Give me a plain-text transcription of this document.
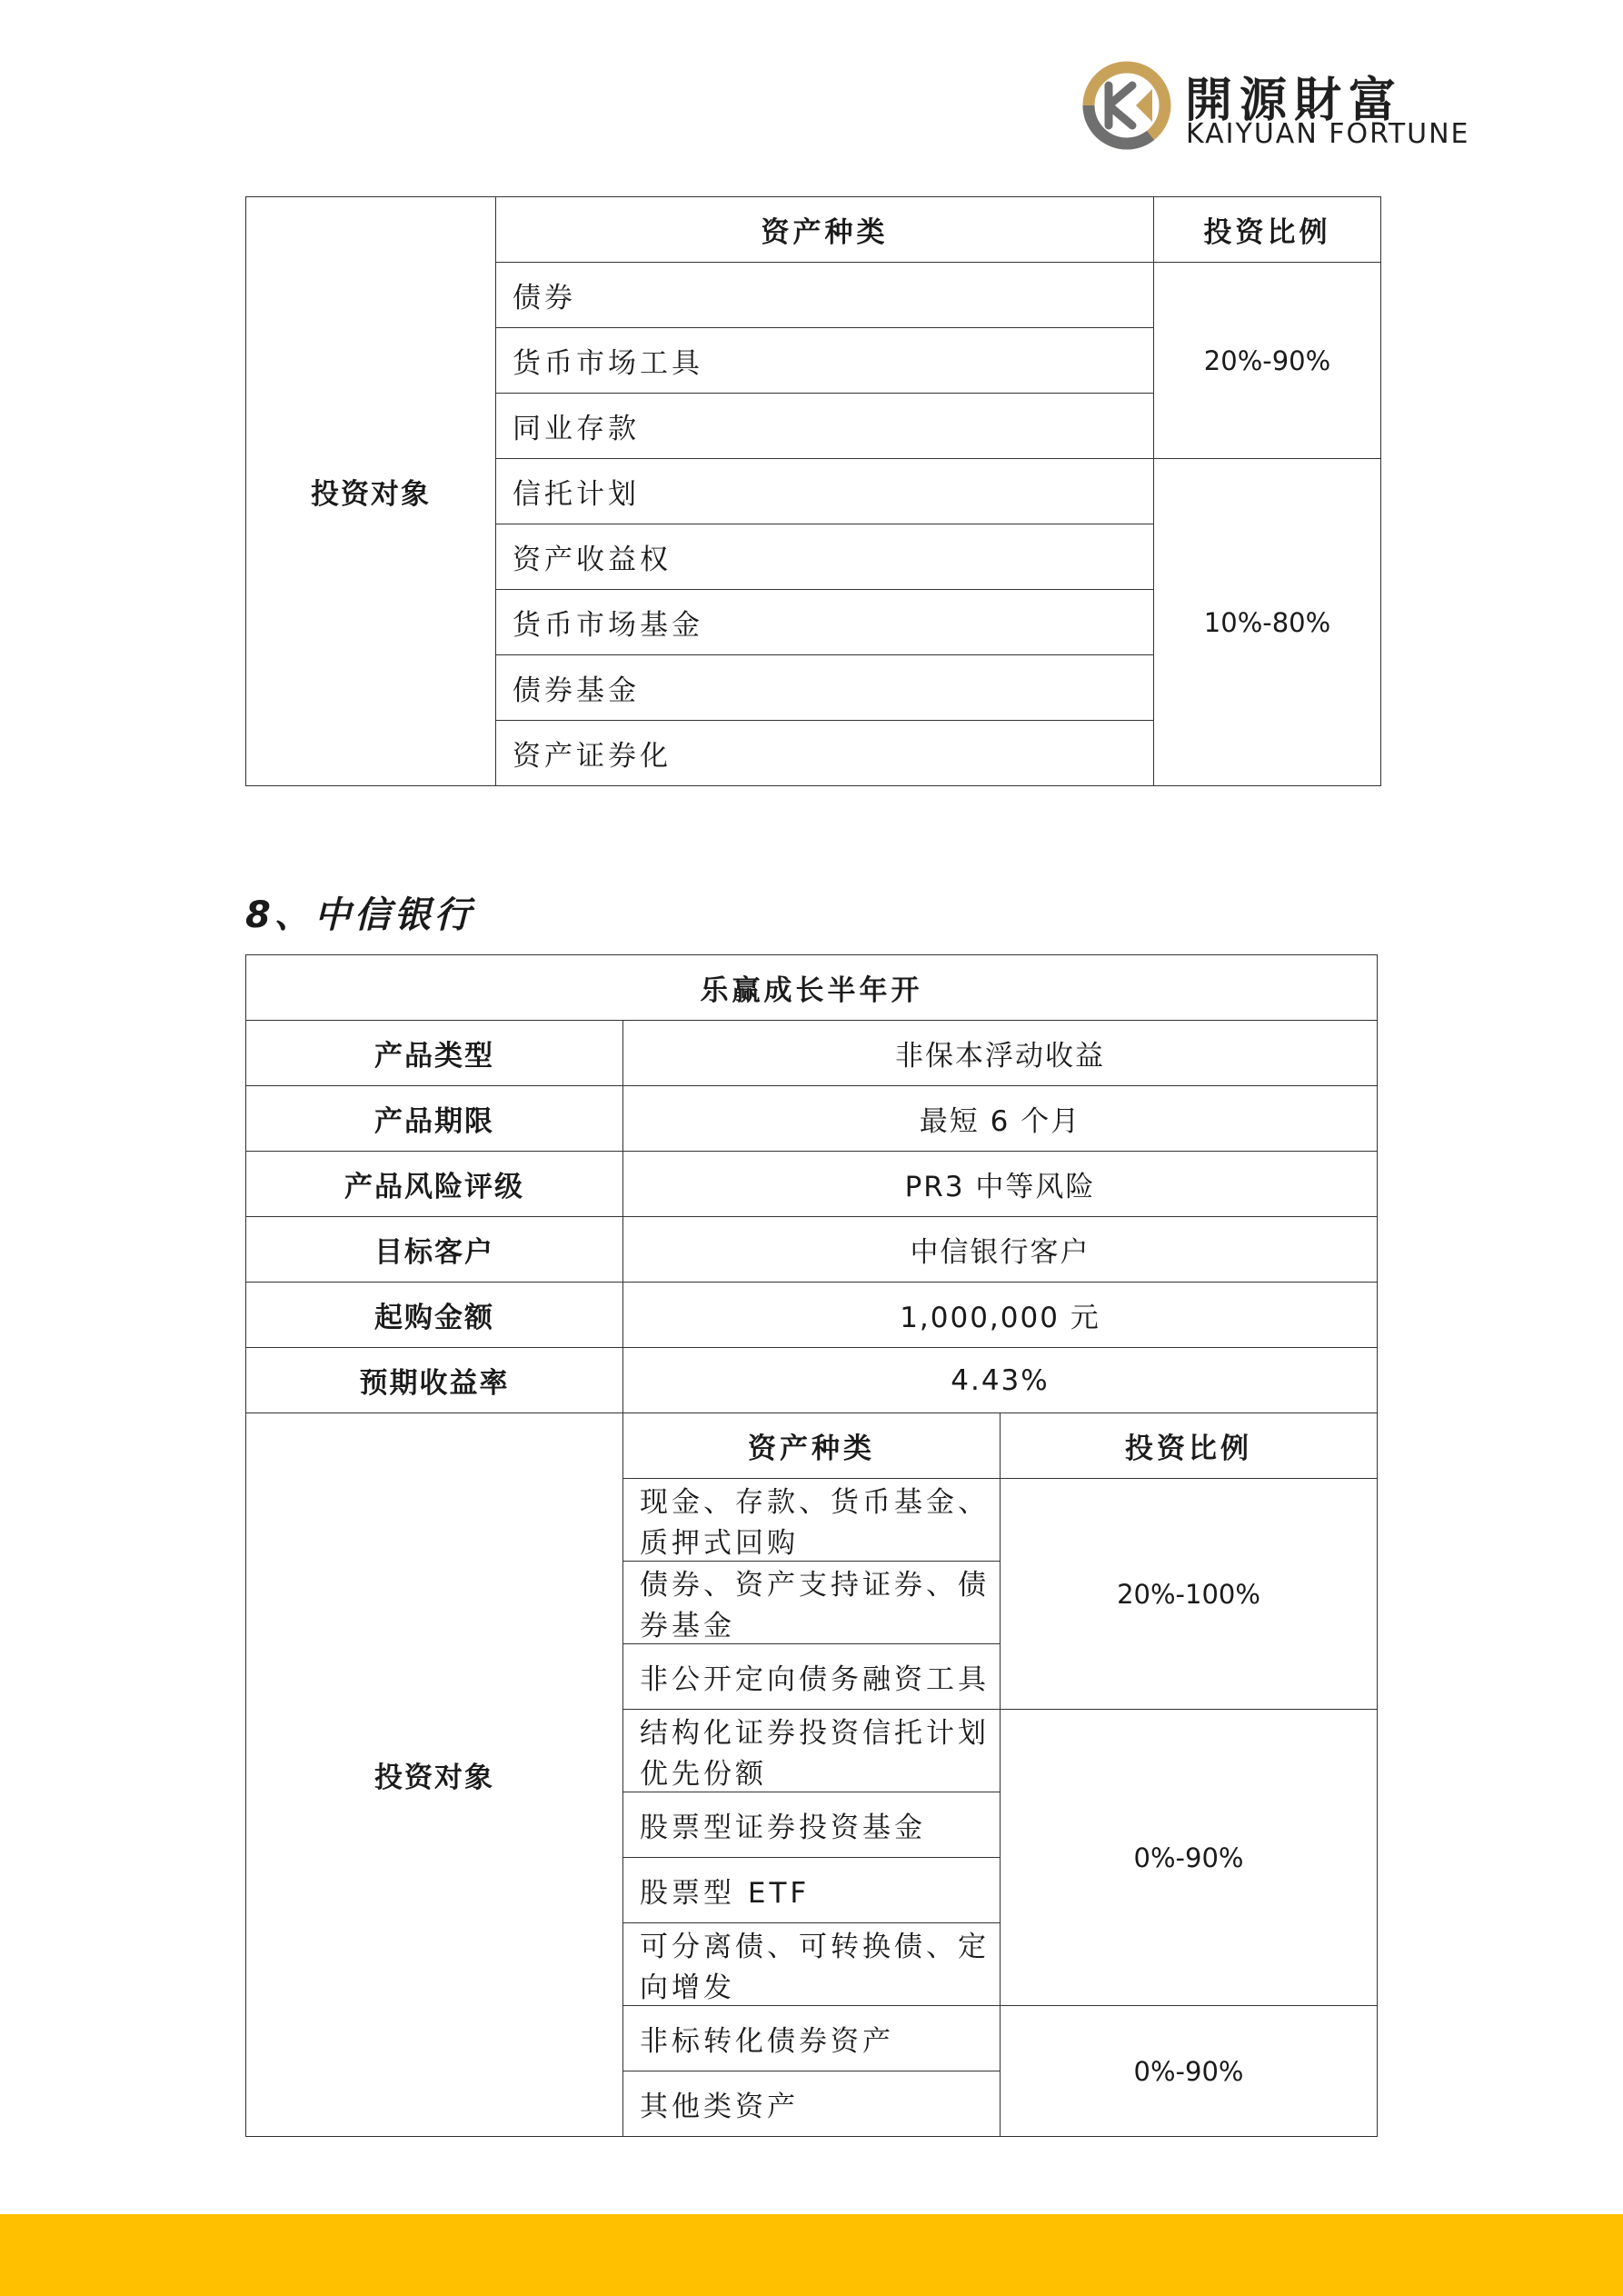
開源財富
KAIYUAN FORTUNE
投资对象	资产种类	投资比例
	债券	20%-90%
	货币市场工具	
	同业存款	
	信托计划	10%-80%
	资产收益权	
	货币市场基金	
	债券基金	
	资产证券化	
8、中信银行
乐赢成长半年开		
产品类型	非保本浮动收益	
产品期限	最短 6 个月	
产品风险评级	PR3 中等风险	
目标客户	中信银行客户	
起购金额	1,000,000 元	
预期收益率	4.43%	
投资对象	资产种类	投资比例
	现金、存款、货币基金、质押式回购	20%-100%
	债券、资产支持证券、债券基金	
	非公开定向债务融资工具	
	结构化证券投资信托计划优先份额	0%-90%
	股票型证券投资基金	
	股票型 ETF	
	可分离债、可转换债、定向增发	
	非标转化债券资产	0%-90%
	其他类资产	
